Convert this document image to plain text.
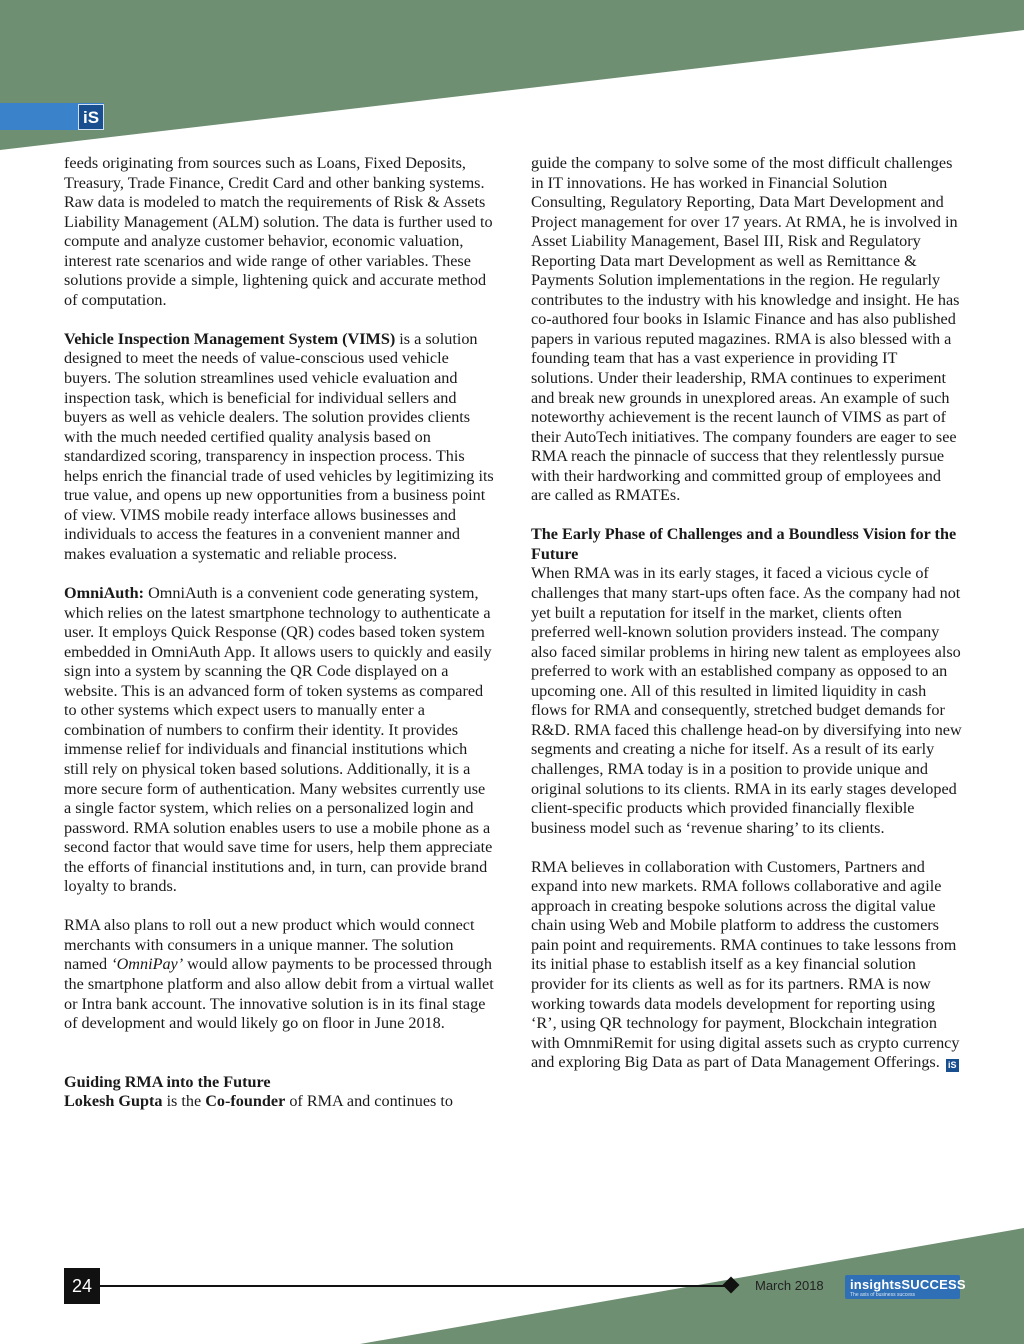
iS

feeds originating from sources such as Loans, Fixed Deposits, Treasury, Trade Finance, Credit Card and other banking systems. Raw data is modeled to match the requirements of Risk & Assets Liability Management (ALM) solution. The data is further used to compute and analyze customer behavior, economic valuation, interest rate scenarios and wide range of other variables. These solutions provide a simple, lightening quick and accurate method of computation.

Vehicle Inspection Management System (VIMS) is a solution designed to meet the needs of value-conscious used vehicle buyers. The solution streamlines used vehicle evaluation and inspection task, which is beneficial for individual sellers and buyers as well as vehicle dealers. The solution provides clients with the much needed certified quality analysis based on standardized scoring, transparency in inspection process. This helps enrich the financial trade of used vehicles by legitimizing its true value, and opens up new opportunities from a business point of view. VIMS mobile ready interface allows businesses and individuals to access the features in a convenient manner and makes evaluation a systematic and reliable process.

OmniAuth: OmniAuth is a convenient code generating system, which relies on the latest smartphone technology to authenticate a user. It employs Quick Response (QR) codes based token system embedded in OmniAuth App. It allows users to quickly and easily sign into a system by scanning the QR Code displayed on a website. This is an advanced form of token systems as compared to other systems which expect users to manually enter a combination of numbers to confirm their identity. It provides immense relief for individuals and financial institutions which still rely on physical token based solutions. Additionally, it is a more secure form of authentication. Many websites currently use a single factor system, which relies on a personalized login and password. RMA solution enables users to use a mobile phone as a second factor that would save time for users, help them appreciate the efforts of financial institutions and, in turn, can provide brand loyalty to brands.

RMA also plans to roll out a new product which would connect merchants with consumers in a unique manner. The solution named ‘OmniPay’ would allow payments to be processed through the smartphone platform and also allow debit from a virtual wallet or Intra bank account. The innovative solution is in its final stage of development and would likely go on floor in June 2018.

Guiding RMA into the Future

Lokesh Gupta is the Co-founder of RMA and continues to

guide the company to solve some of the most difficult challenges in IT innovations. He has worked in Financial Solution Consulting, Regulatory Reporting, Data Mart Development and Project management for over 17 years. At RMA, he is involved in Asset Liability Management, Basel III, Risk and Regulatory Reporting Data mart Development as well as Remittance & Payments Solution implementations in the region. He regularly contributes to the industry with his knowledge and insight. He has co-authored four books in Islamic Finance and has also published papers in various reputed magazines. RMA is also blessed with a founding team that has a vast experience in providing IT solutions. Under their leadership, RMA continues to experiment and break new grounds in unexplored areas. An example of such noteworthy achievement is the recent launch of VIMS as part of their AutoTech initiatives. The company founders are eager to see RMA reach the pinnacle of success that they relentlessly pursue with their hardworking and committed group of employees and are called as RMATEs.

The Early Phase of Challenges and a Boundless Vision for the Future

When RMA was in its early stages, it faced a vicious cycle of challenges that many start-ups often face. As the company had not yet built a reputation for itself in the market, clients often preferred well-known solution providers instead. The company also faced similar problems in hiring new talent as employees also preferred to work with an established company as opposed to an upcoming one. All of this resulted in limited liquidity in cash flows for RMA and consequently, stretched budget demands for R&D. RMA faced this challenge head-on by diversifying into new segments and creating a niche for itself. As a result of its early challenges, RMA today is in a position to provide unique and original solutions to its clients. RMA in its early stages developed client-specific products which provided financially flexible business model such as ‘revenue sharing’ to its clients.

RMA believes in collaboration with Customers, Partners and expand into new markets. RMA follows collaborative and agile approach in creating bespoke solutions across the digital value chain using Web and Mobile platform to address the customers pain point and requirements. RMA continues to take lessons from its initial phase to establish itself as a key financial solution provider for its clients as well as for its partners. RMA is now working towards data models development for reporting using ‘R’, using QR technology for payment, Blockchain integration with OmnmiRemit for using digital assets such as crypto currency and exploring Big Data as part of Data Management Offerings. iS

24	March 2018 insightsSUCCESS
The axis of business success
